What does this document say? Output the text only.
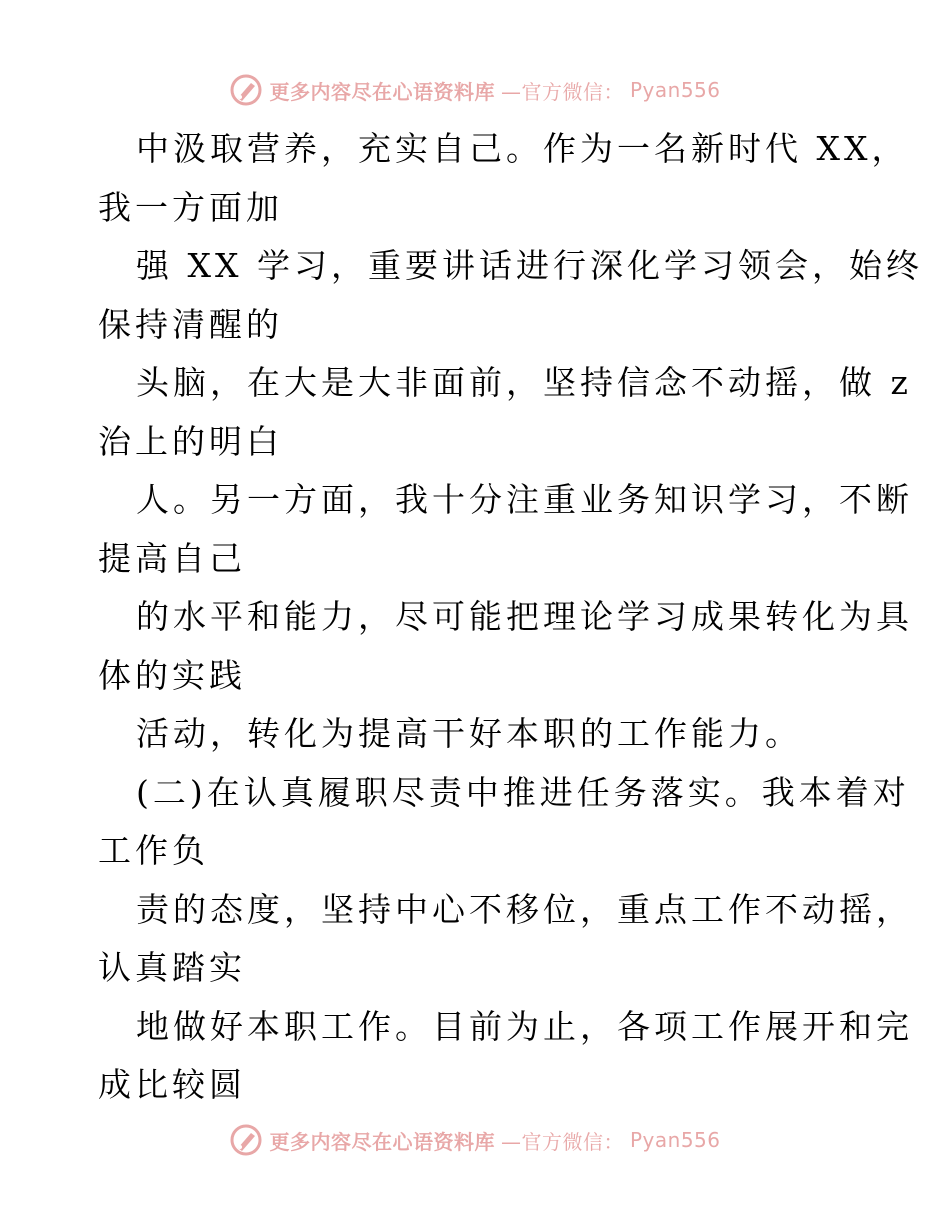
更多内容尽在心语资料库 —官方微信： Pyan556
中汲取营养，充实自己。作为一名新时代 XX，
我一方面加
强 XX 学习，重要讲话进行深化学习领会，始终
保持清醒的
头脑，在大是大非面前，坚持信念不动摇，做 z
治上的明白
人。另一方面，我十分注重业务知识学习，不断
提高自己
的水平和能力，尽可能把理论学习成果转化为具
体的实践
活动，转化为提高干好本职的工作能力。
(二)在认真履职尽责中推进任务落实。我本着对
工作负
责的态度，坚持中心不移位，重点工作不动摇，
认真踏实
地做好本职工作。目前为止，各项工作展开和完
成比较圆
更多内容尽在心语资料库 —官方微信： Pyan556
